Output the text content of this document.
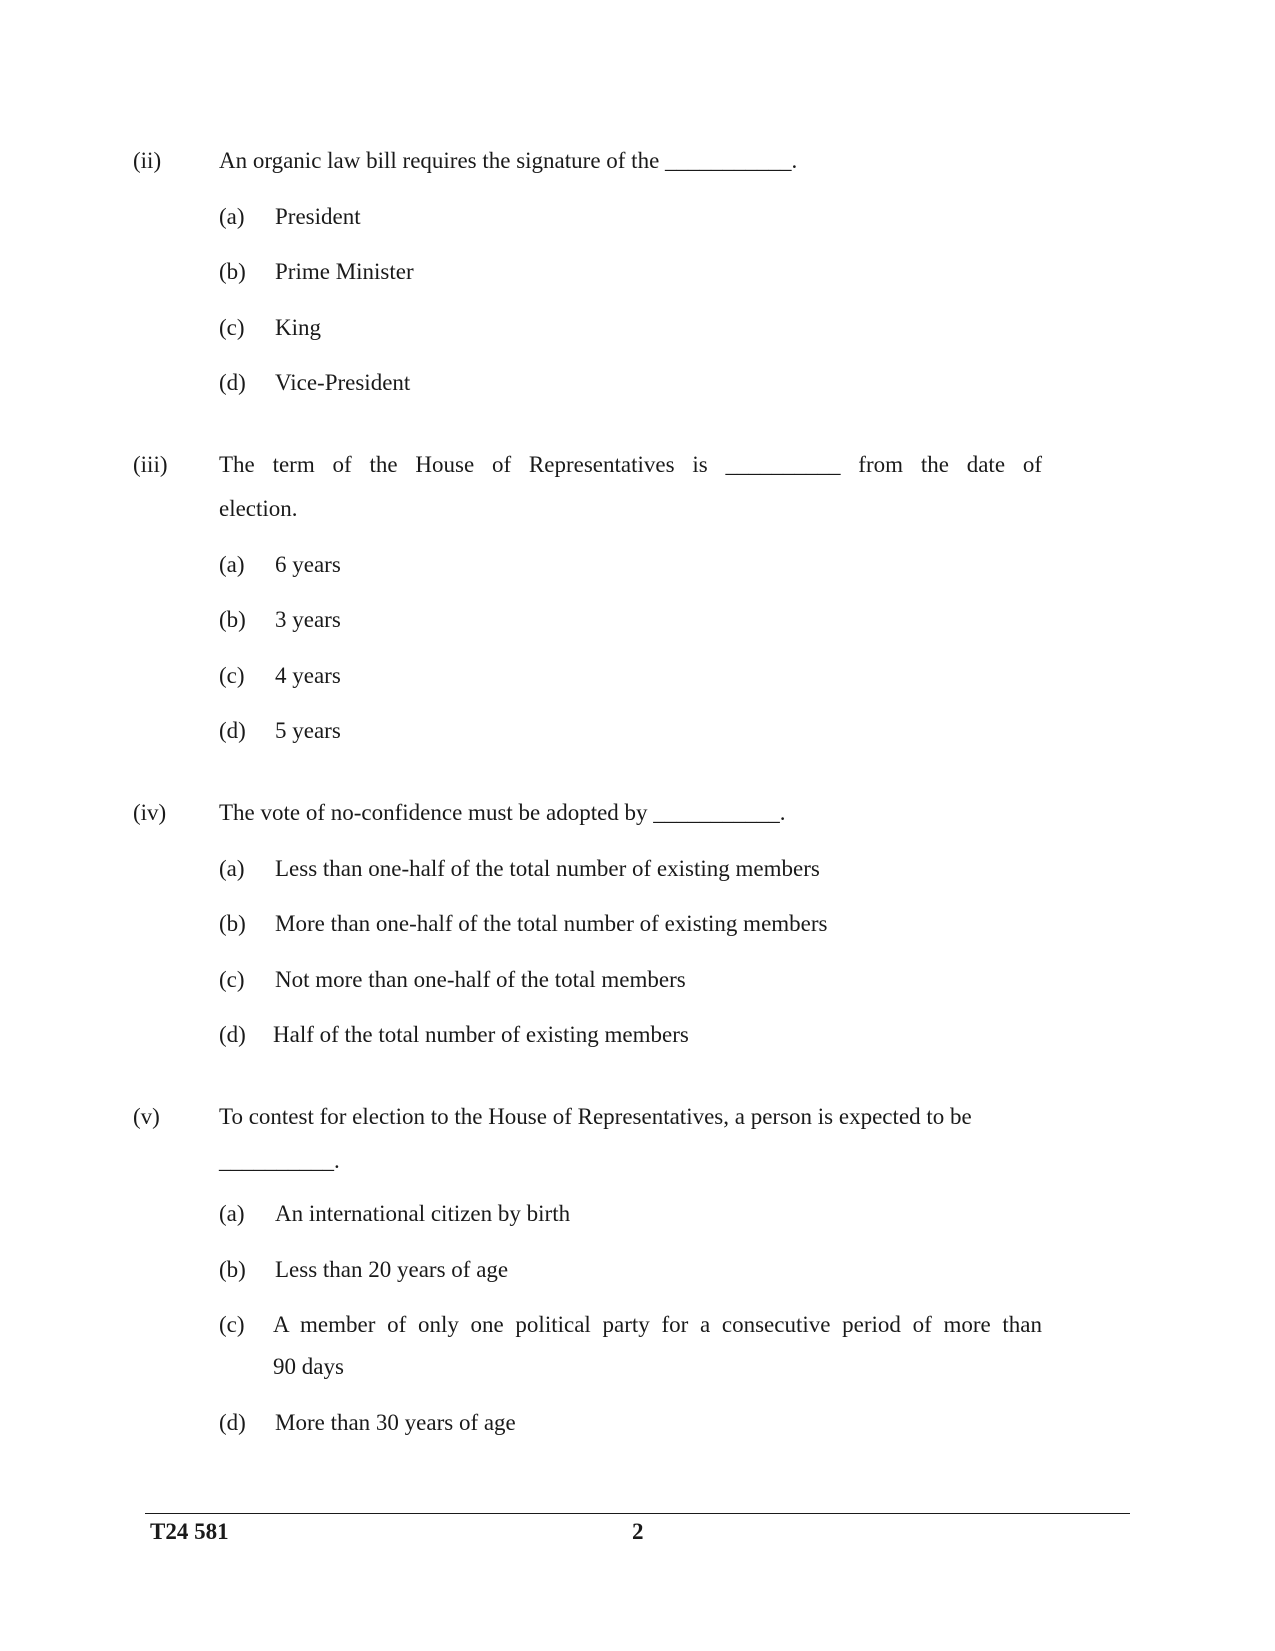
(ii)	An organic law bill requires the signature of the ___________.
(a) President
(b) Prime Minister
(c) King
(d) Vice-President
(iii) The term of the House of Representatives is __________ from the date of
election.
(a) 6 years
(b) 3 years
(c) 4 years
(d) 5 years
(iv) The vote of no-confidence must be adopted by ___________.
(a) Less than one-half of the total number of existing members
(b) More than one-half of the total number of existing members
(c) Not more than one-half of the total members
(d) Half of the total number of existing members
(v)	To contest for election to the House of Representatives, a person is expected to be
__________.
(a) An international citizen by birth
(b) Less than 20 years of age
(c) A member of only one political party for a consecutive period of more than
90 days
(d) More than 30 years of age
T24 581	2
